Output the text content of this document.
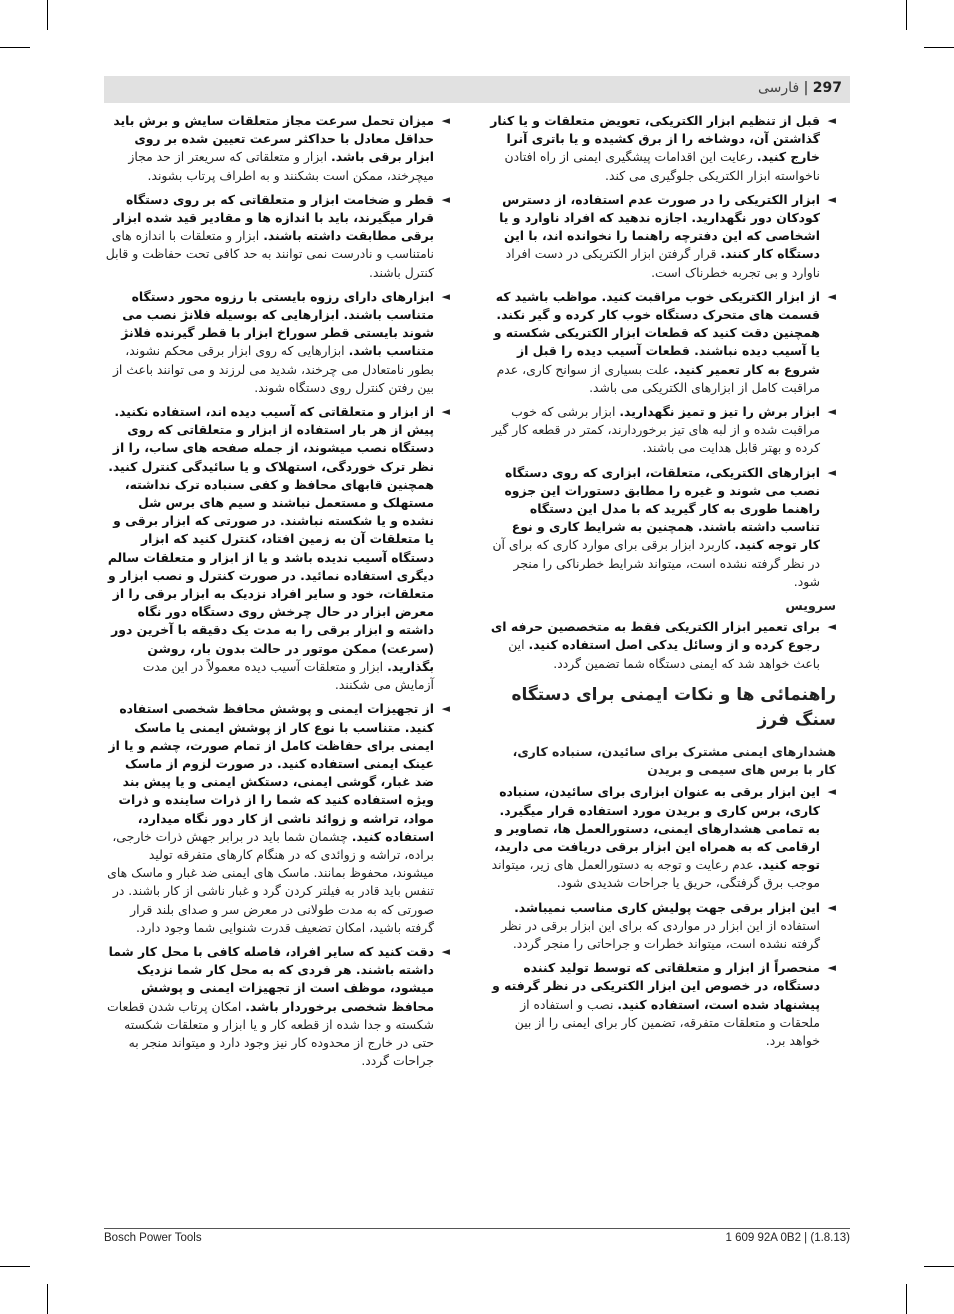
297 | فارسی
◄
قبل از تنظیم ابزار الکتریکی، تعویض متعلقات و یا کنار گذاشتن آن، دوشاخه را از برق کشیده و یا باتری آنرا خارج کنید. رعایت این اقدامات پیشگیری ایمنی از راه افتادن ناخواسته ابزار الکتریکی جلوگیری می کند.
◄
ابزار الکتریکی را در صورت عدم استفاده، از دسترس کودکان دور نگهدارید. اجازه ندهید که افراد ناوارد و یا اشخاصی که این دفترچه راهنما را نخوانده اند، با این دستگاه کار کنند. قرار گرفتن ابزار الکتریکی در دست افراد ناوارد و بی تجربه خطرناک است.
◄
از ابزار الکتریکی خوب مراقبت کنید. مواظب باشید که قسمت های متحرک دستگاه خوب کار کرده و گیر نکند. همچنین دقت کنید که قطعات ابزار الکتریکی شکسته و یا آسیب دیده نباشند. قطعات آسیب دیده را قبل از شروع به کار تعمیر کنید. علت بسیاری از سوانح کاری، عدم مراقبت کامل از ابزارهای الکتریکی می باشد.
◄
ابزار برش را تیز و تمیز نگهدارید. ابزار برشی که خوب مراقبت شده و از لبه های تیز برخوردارند، کمتر در قطعه کار گیر کرده و بهتر قابل هدایت می باشند.
◄
ابزارهای الکتریکی، متعلقات، ابزاری که روی دستگاه نصب می شوند و غیره را مطابق دستورات این جزوه راهنما طوری به کار گیرید که با مدل این دستگاه تناسب داشته باشند. همچنین به شرایط کاری و نوع کار توجه کنید. کاربرد ابزار برقی برای موارد کاری که برای آن در نظر گرفته نشده است، میتواند شرایط خطرناکی را منجر شود.
سرویس
◄
برای تعمیر ابزار الکتریکی فقط به متخصصین حرفه ای رجوع کرده و از وسائل یدکی اصل استفاده کنید. این باعث خواهد شد که ایمنی دستگاه شما تضمین گردد.
راهنمائی ها و نکات ایمنی برای دستگاه سنگ فرز
هشدارهای ایمنی مشترک برای سائیدن، سنباده کاری، کار با برس های سیمی و بریدن
◄
این ابزار برقی به عنوان ابزاری برای سائیدن، سنباده کاری، برس کاری و بریدن مورد استفاده قرار میگیرد. به تمامی هشدارهای ایمنی، دستورالعمل ها، تصاویر و ارقامی که به همراه این ابزار برقی دریافت می دارید، توجه کنید. عدم رعایت و توجه به دستورالعمل های زیر، میتواند موجب برق گرفتگی، حریق یا جراحات شدیدی شود.
◄
این ابزار برقی جهت پولیش کاری مناسب نمیباشد. استفاده از این ابزار در مواردی که برای این ابزار برقی در نظر گرفته نشده است، میتواند خطرات و جراحاتی را منجر گردد.
◄
منحصراً از ابزار و متعلقاتی که توسط تولید کننده دستگاه، در خصوص این ابزار الکتریکی در نظر گرفته و پیشنهاد شده است، استفاده کنید. نصب و استفاده از ملحقات و متعلقات متفرقه، تضمین کار برای ایمنی را از بین خواهد برد.
◄
میزان تحمل سرعت مجاز متعلقات سایش و برش باید حداقل معادل با حداکثر سرعت تعیین شده بر روی ابزار برقی باشد. ابزار و متعلقاتی که سریعتر از حد مجاز میچرخند، ممکن است بشکنند و به اطراف پرتاب بشوند.
◄
قطر و ضخامت ابزار و متعلقاتی که بر روی دستگاه قرار میگیرند، باید با اندازه ها و مقادیر قید شده ابزار برقی مطابقت داشته باشند. ابزار و متعلقات با اندازه های نامتناسب و نادرست نمی توانند به حد کافی تحت حفاظت و قابل کنترل باشند.
◄
ابزارهای دارای رزوه بایستی با رزوه محور دستگاه متناسب باشند. ابزارهایی که بوسیله فلانژ نصب می شوند بایستی قطر سوراخ ابزار با قطر گیرنده فلانژ متناسب باشد. ابزارهایی که روی ابزار برقی محکم نشوند، بطور نامتعادل می چرخند، شدید می لرزند و می توانند باعث از بین رفتن کنترل روی دستگاه شوند.
◄
از ابزار و متعلقاتی که آسیب دیده اند، استفاده نکنید. پیش از هر بار استفاده از ابزار و متعلقاتی که روی دستگاه نصب میشوند، از جمله صفحه های ساب، را از نظر ترک خوردگی، استهلاک و یا سائیدگی کنترل کنید. همچنین قابهای محافظ و کفی سنباده ترک نداشته، مستهلک و مستعمل نباشند و سیم های برس شل نشده و یا شکسته نباشند. در صورتی که ابزار برقی و یا متعلقات آن به زمین افتاد، کنترل کنید که ابزار دستگاه آسیب ندیده باشد و یا از ابزار و متعلقات سالم دیگری استفاده نمائید. در صورت کنترل و نصب ابزار و متعلقات، خود و سایر افراد نزدیک به ابزار برقی را از معرض ابزار در حال چرخش روی دستگاه دور نگاه داشته و ابزار برقی را به مدت یک دقیقه با آخرین دور (سرعت) ممکن موتور در حالت بدون بار، روشن بگذارید. ابزار و متعلقات آسیب دیده معمولاً در این مدت آزمایش می شکنند.
◄
از تجهیزات ایمنی و پوشش محافظ شخصی استفاده کنید. متناسب با نوع کار از پوشش ایمنی یا ماسک ایمنی برای حفاظت کامل از تمام صورت، چشم و یا از عینک ایمنی استفاده کنید. در صورت لزوم از ماسک ضد غبار، گوشی ایمنی، دستکش ایمنی و یا پیش بند ویژه استفاده کنید که شما را از ذرات ساینده و ذرات مواد، تراشه و زوائد ناشی از کار دور نگاه میدارد، استفاده کنید. چشمان شما باید در برابر جهش ذرات خارجی، براده، تراشه و زوائدی که در هنگام کارهای متفرقه تولید میشوند، محفوظ بمانند. ماسک های ایمنی ضد غبار و ماسک های تنفس باید قادر به فیلتر کردن گرد و غبار ناشی از کار باشند. در صورتی که به مدت طولانی در معرض سر و صدای بلند قرار گرفته باشید، امکان تضعیف قدرت شنوایی شما وجود دارد.
◄
دقت کنید که سایر افراد، فاصله کافی با محل کار شما داشته باشند. هر فردی که به محل کار شما نزدیک میشود، موظف است از تجهیزات ایمنی و پوشش محافظ شخصی برخوردار باشد. امکان پرتاب شدن قطعات شکسته و جدا شده از قطعه کار و یا ابزار و متعلقات شکسته حتی در خارج از محدوده کار نیز وجود دارد و میتواند منجر به جراحات گردد.
Bosch Power Tools	1 609 92A 0B2 | (1.8.13)
